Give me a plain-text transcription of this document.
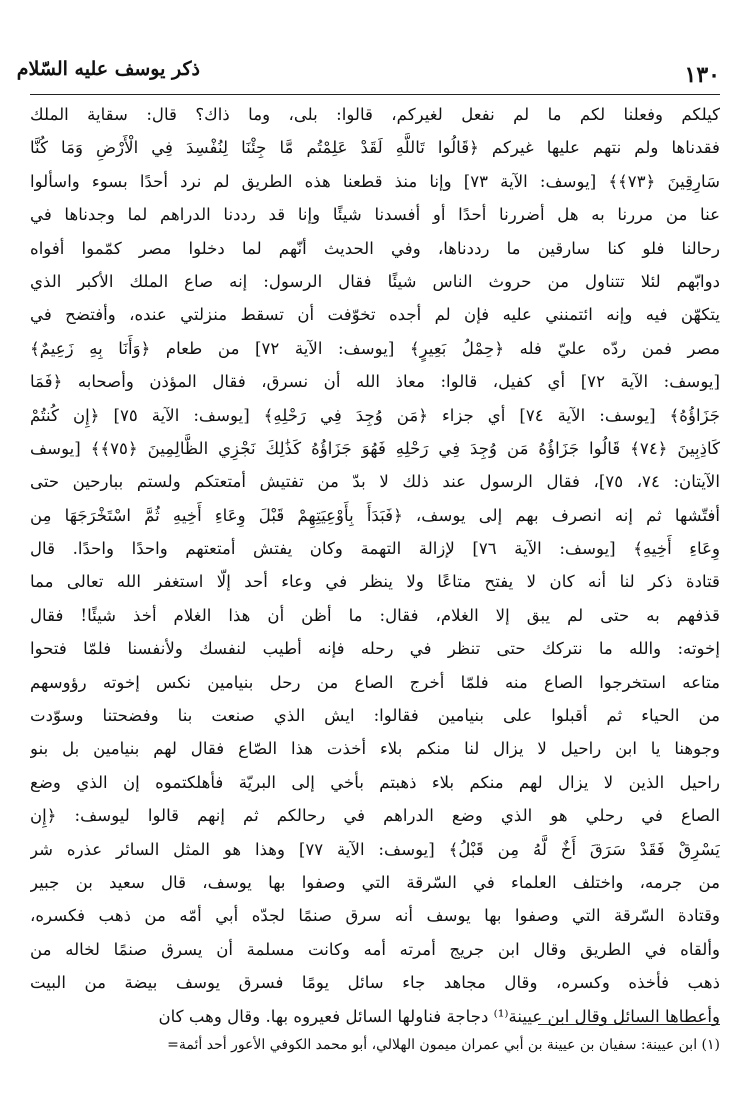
١٣٠
ذكر يوسف عليه السّلام
كيلكم وفعلنا لكم ما لم نفعل لغيركم، قالوا: بلى، وما ذاك؟ قال: سقاية الملك
فقدناها ولم نتهم عليها غيركم ﴿قَالُوا تَاللَّهِ لَقَدْ عَلِمْتُم مَّا جِئْنَا لِنُفْسِدَ فِي الْأَرْضِ وَمَا كُنَّا
سَارِقِينَ ﴿٧٣﴾﴾ [يوسف: الآية ٧٣] وإنا منذ قطعنا هذه الطريق لم نرد أحدًا بسوء واسألوا
عنا من مررنا به هل أضررنا أحدًا أو أفسدنا شيئًا وإنا قد رددنا الدراهم لما وجدناها في
رحالنا فلو كنا سارقين ما رددناها، وفي الحديث أنّهم لما دخلوا مصر كمّموا أفواه
دوابّهم لئلا تتناول من حروث الناس شيئًا فقال الرسول: إنه صاع الملك الأكبر الذي
يتكهّن فيه وإنه ائتمنني عليه فإن لم أجده تخوّفت أن تسقط منزلتي عنده، وأفتضح في
مصر فمن ردّه عليّ فله ﴿حِمْلُ بَعِيرٍ﴾ [يوسف: الآية ٧٢] من طعام ﴿وَأَنَا بِهِ زَعِيمٌ﴾
[يوسف: الآية ٧٢] أي كفيل، قالوا: معاذ الله أن نسرق، فقال المؤذن وأصحابه ﴿فَمَا
جَزَاؤُهُ﴾ [يوسف: الآية ٧٤] أي جزاء ﴿مَن وُجِدَ فِي رَحْلِهِ﴾ [يوسف: الآية ٧٥] ﴿إِن كُنتُمْ
كَاذِبِينَ ﴿٧٤﴾ قَالُوا جَزَاؤُهُ مَن وُجِدَ فِي رَحْلِهِ فَهُوَ جَزَاؤُهُ كَذَٰلِكَ نَجْزِي الظَّالِمِينَ ﴿٧٥﴾﴾ [يوسف
الآيتان: ٧٤، ٧٥]، فقال الرسول عند ذلك لا بدّ من تفتيش أمتعتكم ولستم ببارحين حتى
أفتّشها ثم إنه انصرف بهم إلى يوسف، ﴿فَبَدَأَ بِأَوْعِيَتِهِمْ قَبْلَ وِعَاءِ أَخِيهِ ثُمَّ اسْتَخْرَجَهَا مِن
وِعَاءِ أَخِيهِ﴾ [يوسف: الآية ٧٦] لإزالة التهمة وكان يفتش أمتعتهم واحدًا واحدًا. قال
قتادة ذكر لنا أنه كان لا يفتح متاعًا ولا ينظر في وعاء أحد إلّا استغفر الله تعالى مما
قذفهم به حتى لم يبق إلا الغلام، فقال: ما أظن أن هذا الغلام أخذ شيئًا! فقال
إخوته: والله ما نتركك حتى تنظر في رحله فإنه أطيب لنفسك ولأنفسنا فلمّا فتحوا
متاعه استخرجوا الصاع منه فلمّا أخرج الصاع من رحل بنيامين نكس إخوته رؤوسهم
من الحياء ثم أقبلوا على بنيامين فقالوا: ايش الذي صنعت بنا وفضحتنا وسوّدت
وجوهنا يا ابن راحيل لا يزال لنا منكم بلاء أخذت هذا الصّاع فقال لهم بنيامين بل بنو
راحيل الذين لا يزال لهم منكم بلاء ذهبتم بأخي إلى البريّة فأهلكتموه إن الذي وضع
الصاع في رحلي هو الذي وضع الدراهم في رحالكم ثم إنهم قالوا ليوسف: ﴿إِن
يَسْرِقْ فَقَدْ سَرَقَ أَخٌ لَّهُ مِن قَبْلُ﴾ [يوسف: الآية ٧٧] وهذا هو المثل السائر عذره شر
من جرمه، واختلف العلماء في السّرقة التي وصفوا بها يوسف، قال سعيد بن جبير
وقتادة السّرقة التي وصفوا بها يوسف أنه سرق صنمًا لجدّه أبي أمّه من ذهب فكسره،
وألقاه في الطريق وقال ابن جريج أمرته أمه وكانت مسلمة أن يسرق صنمًا لخاله من
ذهب فأخذه وكسره، وقال مجاهد جاء سائل يومًا فسرق يوسف بيضة من البيت
وأعطاها السائل وقال ابن عيينة⁽¹⁾ دجاجة فناولها السائل فعيروه بها. وقال وهب كان
(١) ابن عيينة: سفيان بن عيينة بن أبي عمران ميمون الهلالي، أبو محمد الكوفي الأعور أحد أئمة=
